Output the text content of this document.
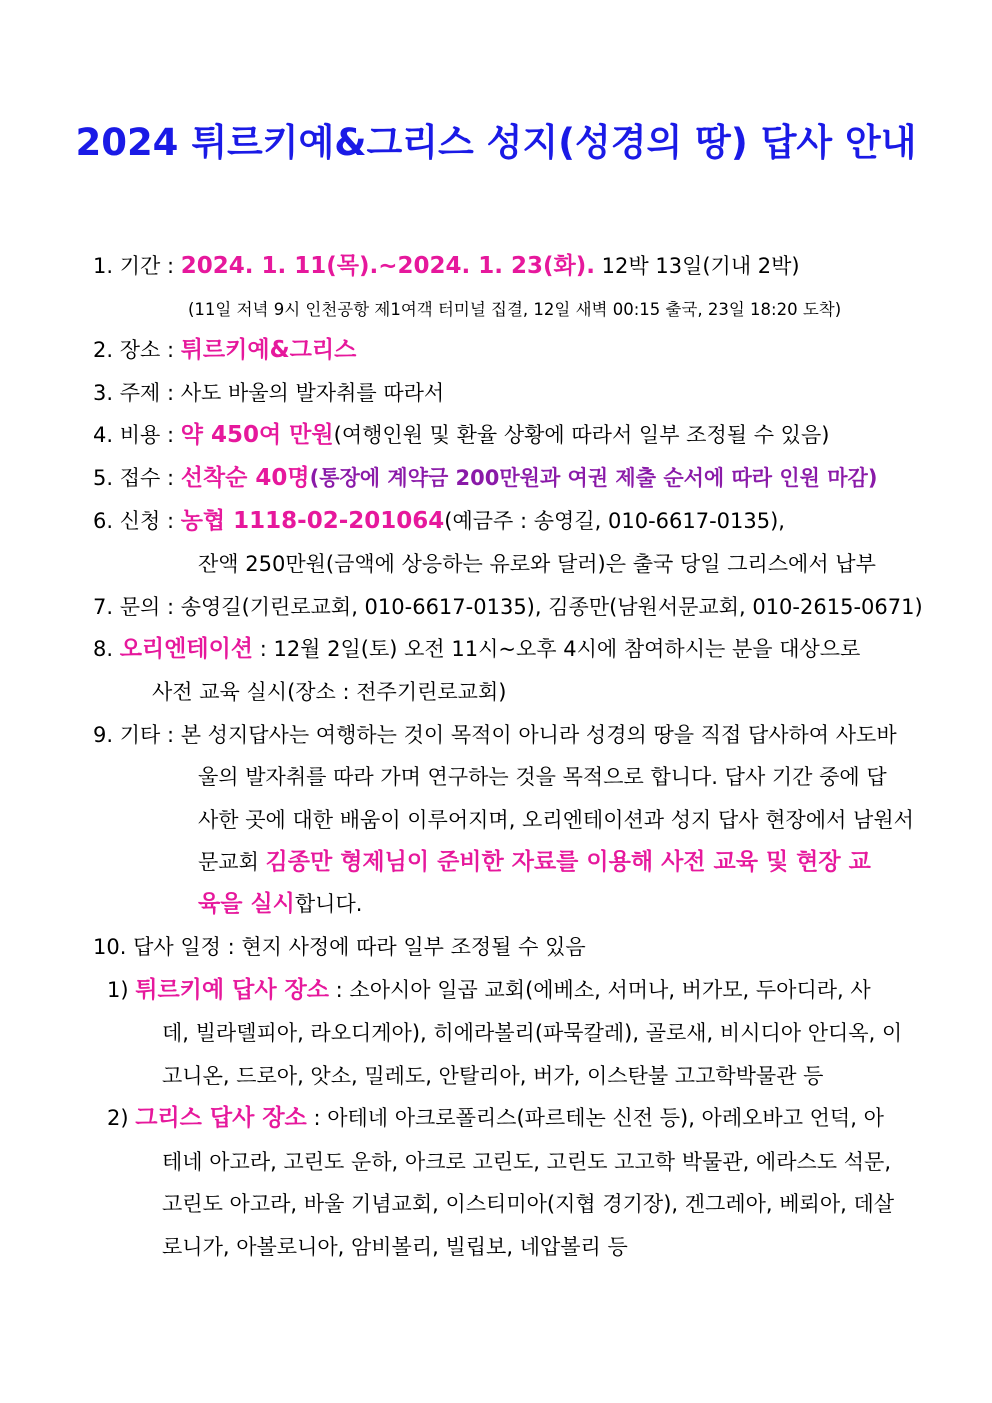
2024 튀르키예&그리스 성지(성경의 땅) 답사 안내
1. 기간 : 2024. 1. 11(목).~2024. 1. 23(화). 12박 13일(기내 2박)
(11일 저녁 9시 인천공항 제1여객 터미널 집결, 12일 새벽 00:15 출국, 23일 18:20 도착)
2. 장소 : 튀르키예&그리스
3. 주제 : 사도 바울의 발자취를 따라서
4. 비용 : 약 450여 만원(여행인원 및 환율 상황에 따라서 일부 조정될 수 있음)
5. 접수 : 선착순 40명(통장에 계약금 200만원과 여권 제출 순서에 따라 인원 마감)
6. 신청 : 농협 1118-02-201064(예금주 : 송영길, 010-6617-0135),
잔액 250만원(금액에 상응하는 유로와 달러)은 출국 당일 그리스에서 납부
7. 문의 : 송영길(기린로교회, 010-6617-0135), 김종만(남원서문교회, 010-2615-0671)
8. 오리엔테이션 : 12월 2일(토) 오전 11시~오후 4시에 참여하시는 분을 대상으로
사전 교육 실시(장소 : 전주기린로교회)
9. 기타 : 본 성지답사는 여행하는 것이 목적이 아니라 성경의 땅을 직접 답사하여 사도바
울의 발자취를 따라 가며 연구하는 것을 목적으로 합니다. 답사 기간 중에 답
사한 곳에 대한 배움이 이루어지며, 오리엔테이션과 성지 답사 현장에서 남원서
문교회 김종만 형제님이 준비한 자료를 이용해 사전 교육 및 현장 교
육을 실시합니다.
10. 답사 일정 : 현지 사정에 따라 일부 조정될 수 있음
1) 튀르키예 답사 장소 : 소아시아 일곱 교회(에베소, 서머나, 버가모, 두아디라, 사
데, 빌라델피아, 라오디게아), 히에라볼리(파묵칼레), 골로새, 비시디아 안디옥, 이
고니온, 드로아, 앗소, 밀레도, 안탈리아, 버가, 이스탄불 고고학박물관 등
2) 그리스 답사 장소 : 아테네 아크로폴리스(파르테논 신전 등), 아레오바고 언덕, 아
테네 아고라, 고린도 운하, 아크로 고린도, 고린도 고고학 박물관, 에라스도 석문,
고린도 아고라, 바울 기념교회, 이스티미아(지협 경기장), 겐그레아, 베뢰아, 데살
로니가, 아볼로니아, 암비볼리, 빌립보, 네압볼리 등
